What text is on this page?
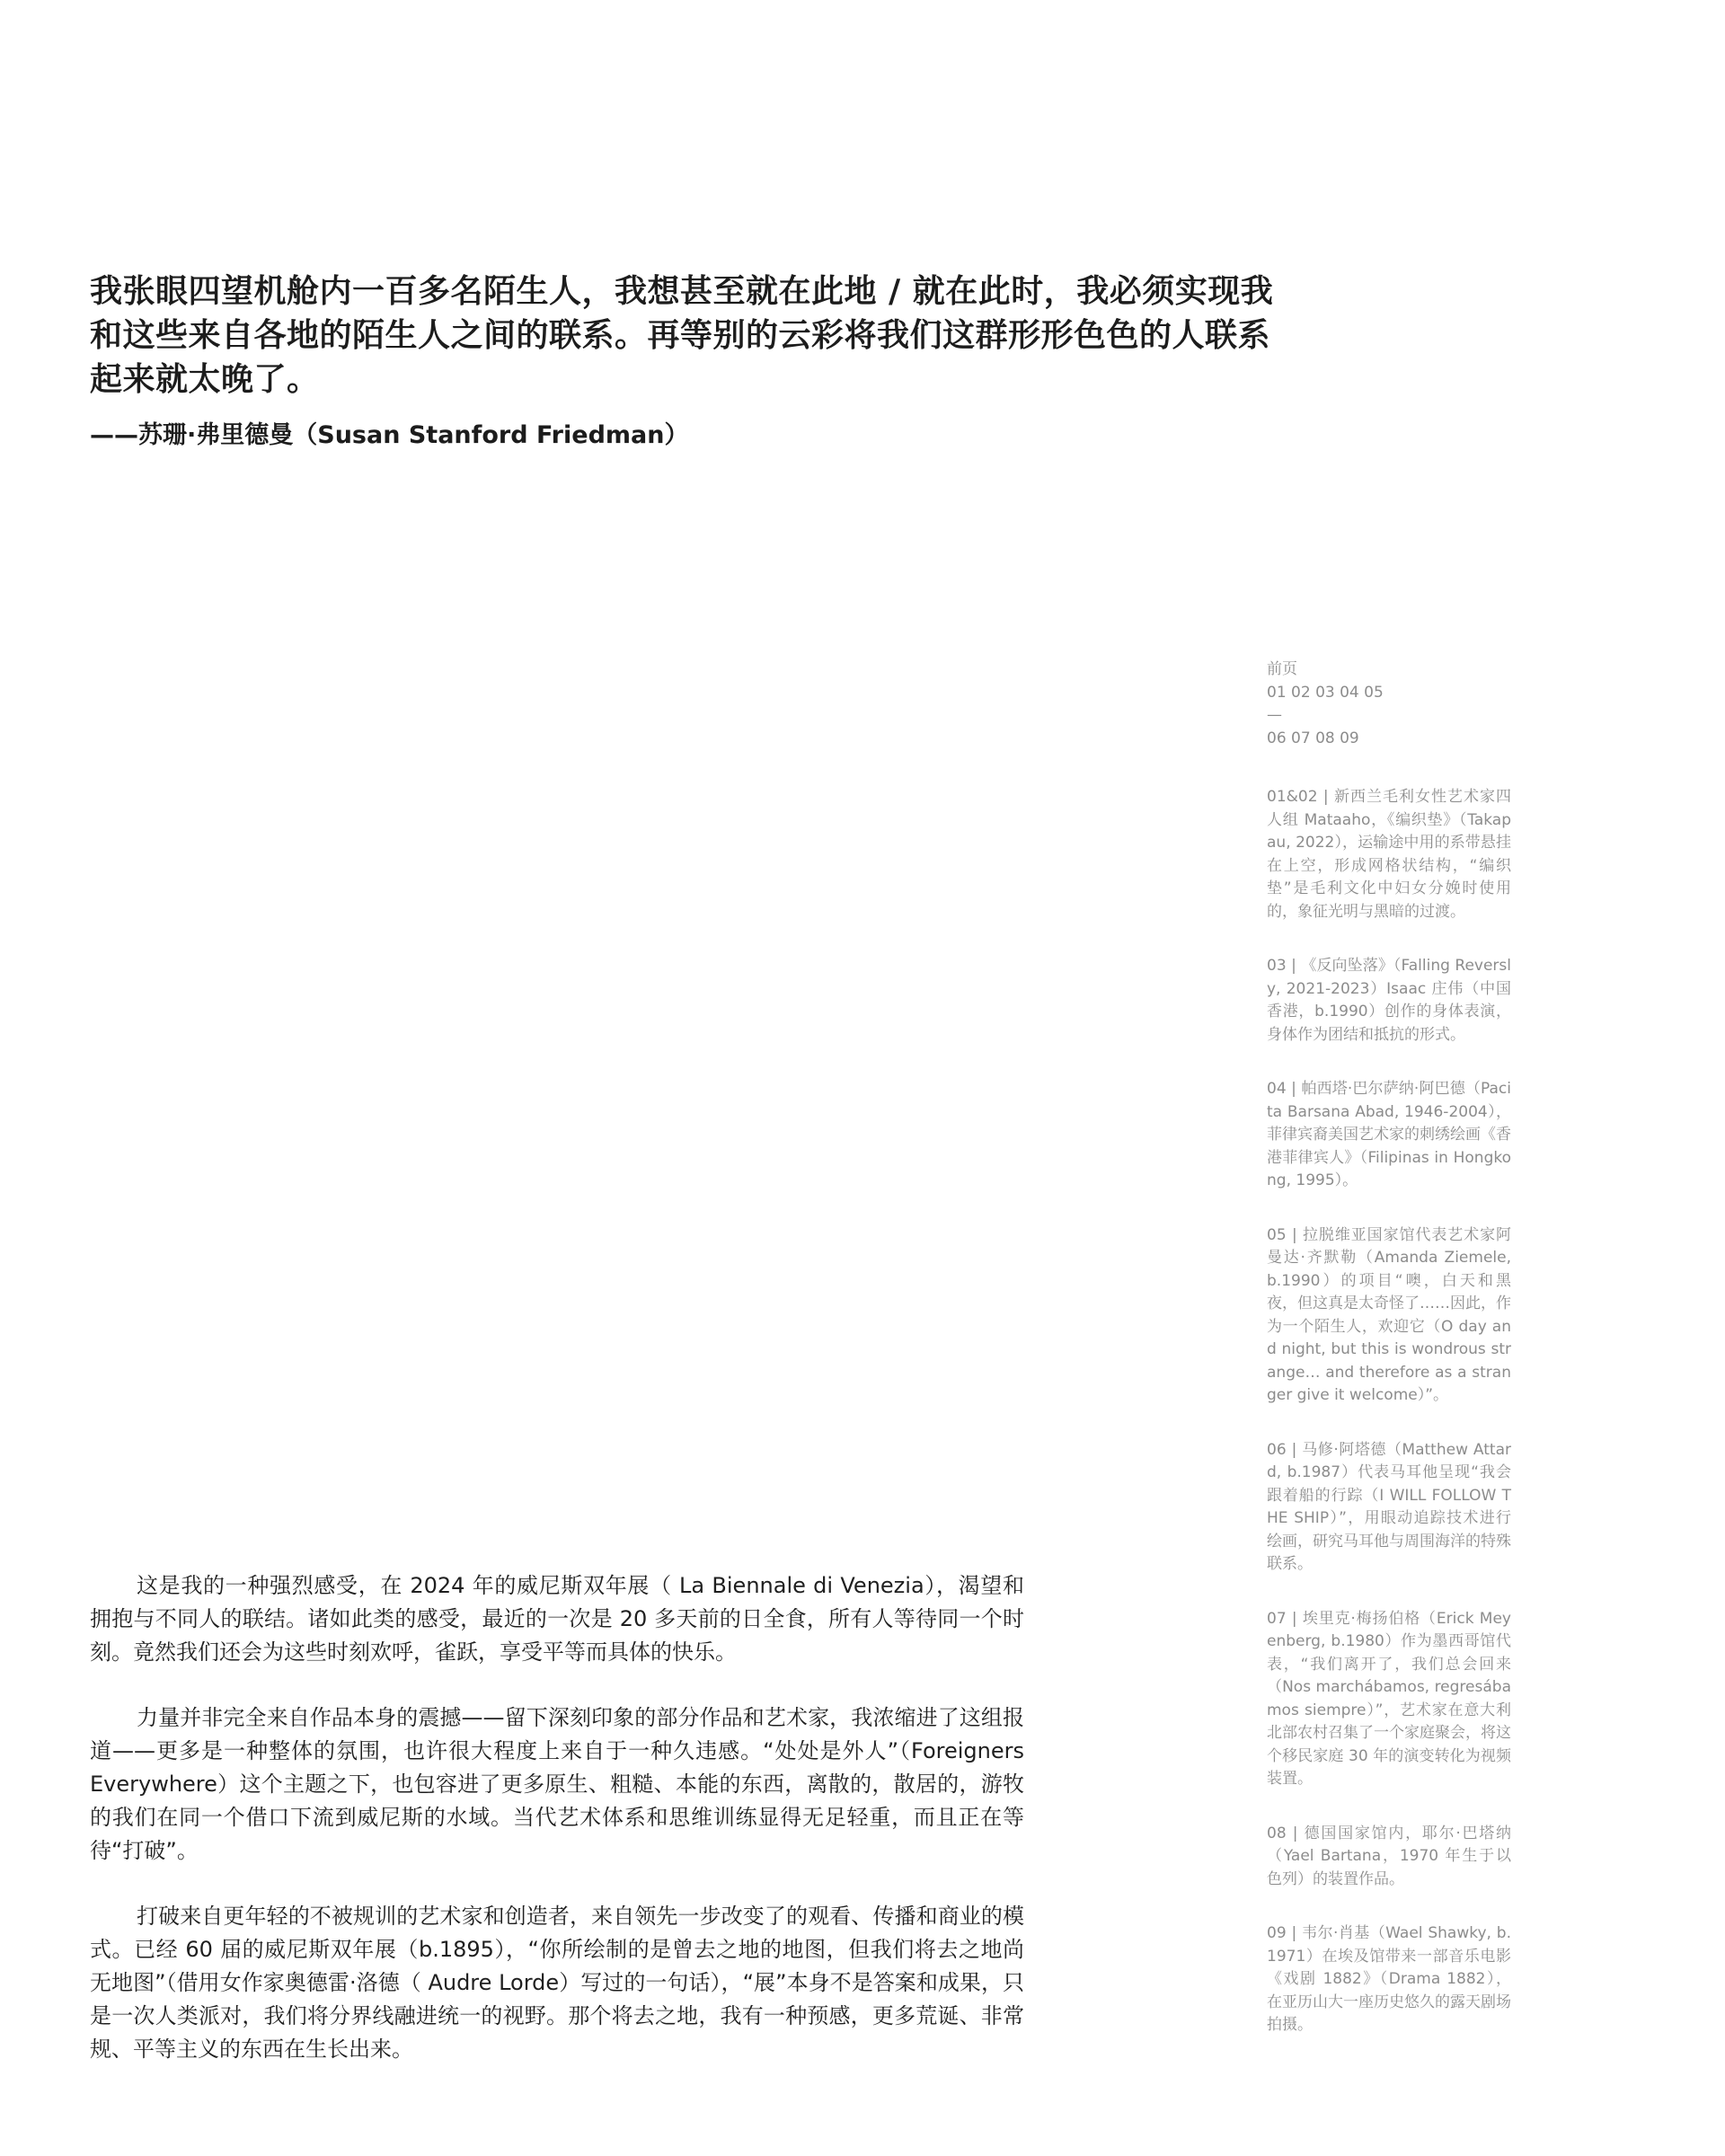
我张眼四望机舱内一百多名陌生人，我想甚至就在此地 / 就在此时，我必须实现我和这些来自各地的陌生人之间的联系。再等别的云彩将我们这群形形色色的人联系起来就太晚了。

——苏珊·弗里德曼（Susan Stanford Friedman）

前页
01 02 03 04 05
—
06 07 08 09

01&02 | 新西兰毛利女性艺术家四人组 Mataaho，《编织垫》（Takapau, 2022），运输途中用的系带悬挂在上空，形成网格状结构，“编织垫”是毛利文化中妇女分娩时使用的，象征光明与黑暗的过渡。

03 | 《反向坠落》（Falling Reversly, 2021-2023）Isaac 庄伟（中国香港，b.1990）创作的身体表演，身体作为团结和抵抗的形式。

04 | 帕西塔·巴尔萨纳·阿巴德（Pacita Barsana Abad, 1946-2004），菲律宾裔美国艺术家的刺绣绘画《香港菲律宾人》（Filipinas in Hongkong, 1995）。

05 | 拉脱维亚国家馆代表艺术家阿曼达·齐默勒（Amanda Ziemele, b.1990）的项目“噢，白天和黑夜，但这真是太奇怪了……因此，作为一个陌生人，欢迎它（O day and night, but this is wondrous strange… and therefore as a stranger give it welcome）”。

06 | 马修·阿塔德（Matthew Attard, b.1987）代表马耳他呈现“我会跟着船的行踪（I WILL FOLLOW THE SHIP）”，用眼动追踪技术进行绘画，研究马耳他与周围海洋的特殊联系。

07 | 埃里克·梅扬伯格（Erick Meyenberg, b.1980）作为墨西哥馆代表，“我们离开了，我们总会回来（Nos marchábamos, regresábamos siempre）”，艺术家在意大利北部农村召集了一个家庭聚会，将这个移民家庭 30 年的演变转化为视频装置。

08 | 德国国家馆内，耶尔·巴塔纳（Yael Bartana，1970 年生于以色列）的装置作品。

09 | 韦尔·肖基（Wael Shawky, b.1971）在埃及馆带来一部音乐电影《戏剧 1882》（Drama 1882），在亚历山大一座历史悠久的露天剧场拍摄。

这是我的一种强烈感受，在 2024 年的威尼斯双年展（ La Biennale di Venezia），渴望和拥抱与不同人的联结。诸如此类的感受，最近的一次是 20 多天前的日全食，所有人等待同一个时刻。竟然我们还会为这些时刻欢呼，雀跃，享受平等而具体的快乐。

力量并非完全来自作品本身的震撼——留下深刻印象的部分作品和艺术家，我浓缩进了这组报道——更多是一种整体的氛围，也许很大程度上来自于一种久违感。“处处是外人”（Foreigners Everywhere）这个主题之下，也包容进了更多原生、粗糙、本能的东西，离散的，散居的，游牧的我们在同一个借口下流到威尼斯的水域。当代艺术体系和思维训练显得无足轻重，而且正在等待“打破”。

打破来自更年轻的不被规训的艺术家和创造者，来自领先一步改变了的观看、传播和商业的模式。已经 60 届的威尼斯双年展（b.1895），“你所绘制的是曾去之地的地图，但我们将去之地尚无地图”（借用女作家奥德雷·洛德（ Audre Lorde）写过的一句话），“展”本身不是答案和成果，只是一次人类派对，我们将分界线融进统一的视野。那个将去之地，我有一种预感，更多荒诞、非常规、平等主义的东西在生长出来。
